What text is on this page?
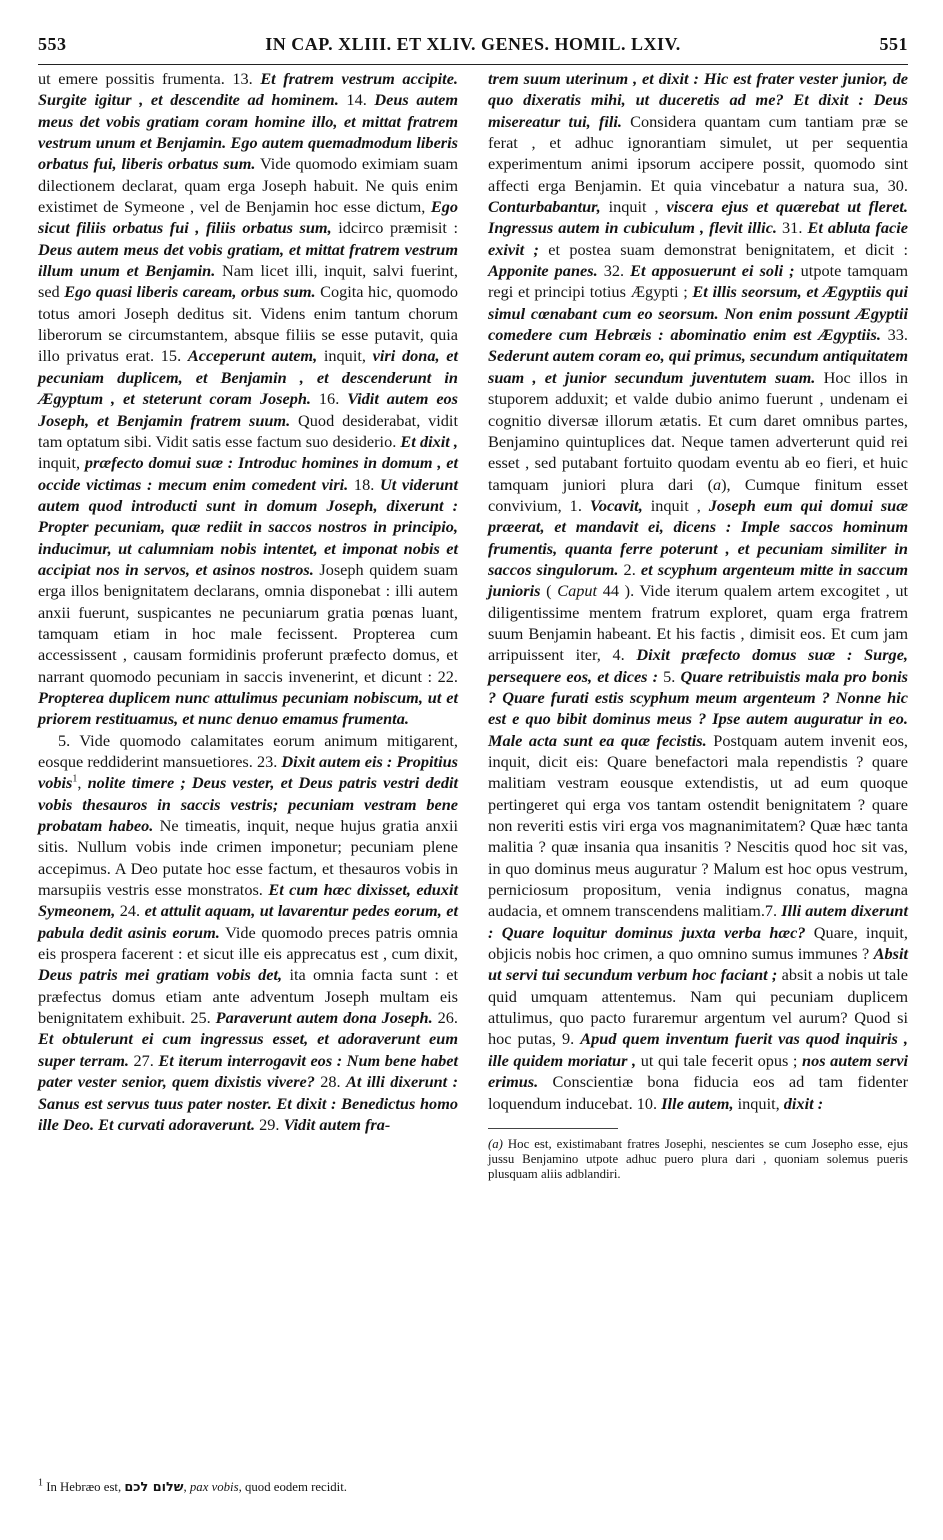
553	IN CAP. XLIII. ET XLIV. GENES. HOMIL. LXIV.	551

ut emere possitis frumenta. 13. Et fratrem vestrum accipite. Surgite igitur , et descendite ad hominem. 14. Deus autem meus det vobis gratiam coram homine illo, et mittat fratrem vestrum unum et Benjamin. Ego autem quemadmodum liberis orbatus fui, liberis orbatus sum. Vide quomodo eximiam suam dilectionem declarat, quam erga Joseph habuit. Ne quis enim existimet de Symeone , vel de Benjamin hoc esse dictum, Ego sicut filiis orbatus fui , filiis orbatus sum, idcirco præmisit : Deus autem meus det vobis gratiam, et mittat fratrem vestrum illum unum et Benjamin. Nam licet illi, inquit, salvi fuerint, sed Ego quasi liberis caream, orbus sum. Cogita hic, quomodo totus amori Joseph deditus sit. Videns enim tantum chorum liberorum se circumstantem, absque filiis se esse putavit, quia illo privatus erat. 15. Acceperunt autem, inquit, viri dona, et pecuniam duplicem, et Benjamin , et descenderunt in Ægyptum , et steterunt coram Joseph. 16. Vidit autem eos Joseph, et Benjamin fratrem suum. Quod desiderabat, vidit tam optatum sibi. Vidit satis esse factum suo desiderio. Et dixit , inquit, præfecto domui suæ : Introduc homines in domum , et occide victimas : mecum enim comedent viri. 18. Ut viderunt autem quod introducti sunt in domum Joseph, dixerunt : Propter pecuniam, quæ rediit in saccos nostros in principio, inducimur, ut calumniam nobis intentet, et imponat nobis et accipiat nos in servos, et asinos nostros. Joseph quidem suam erga illos benignitatem declarans, omnia disponebat : illi autem anxii fuerunt, suspicantes ne pecuniarum gratia pœnas luant, tamquam etiam in hoc male fecissent. Propterea cum accessissent , causam formidinis proferunt præfecto domus, et narrant quomodo pecuniam in saccis invenerint, et dicunt : 22. Propterea duplicem nunc attulimus pecuniam nobiscum, ut et priorem restituamus, et nunc denuo emamus frumenta.

5. Vide quomodo calamitates eorum animum mitigarent, eosque reddiderint mansuetiores. 23. Dixit autem eis : Propitius vobis$^1$, nolite timere ; Deus vester, et Deus patris vestri dedit vobis thesauros in saccis vestris; pecuniam vestram bene probatam habeo. Ne timeatis, inquit, neque hujus gratia anxii sitis. Nullum vobis inde crimen imponetur; pecuniam plene accepimus. A Deo putate hoc esse factum, et thesauros vobis in marsupiis vestris esse monstratos. Et cum hæc dixisset, eduxit Symeonem, 24. et attulit aquam, ut lavarentur pedes eorum, et pabula dedit asinis eorum. Vide quomodo preces patris omnia eis prospera facerent : et sicut ille eis apprecatus est , cum dixit, Deus patris mei gratiam vobis det, ita omnia facta sunt : et præfectus domus etiam ante adventum Joseph multam eis benignitatem exhibuit. 25. Paraverunt autem dona Joseph. 26. Et obtulerunt ei cum ingressus esset, et adoraverunt eum super terram. 27. Et iterum interrogavit eos : Num bene habet pater vester senior, quem dixistis vivere? 28. At illi dixerunt : Sanus est servus tuus pater noster. Et dixit : Benedictus homo ille Deo. Et curvati adoraverunt. 29. Vidit autem fra-

trem suum uterinum , et dixit : Hic est frater vester junior, de quo dixeratis mihi, ut duceretis ad me? Et dixit : Deus misereatur tui, fili. Considera quantam cum tantiam præ se ferat , et adhuc ignorantiam simulet, ut per sequentia experimentum animi ipsorum accipere possit, quomodo sint affecti erga Benjamin. Et quia vincebatur a natura sua, 30. Conturbabantur, inquit , viscera ejus et quærebat ut fleret. Ingressus autem in cubiculum , flevit illic. 31. Et abluta facie exivit ; et postea suam demonstrat benignitatem, et dicit : Apponite panes. 32. Et apposuerunt ei soli ; utpote tamquam regi et principi totius Ægypti ; Et illis seorsum, et Ægyptiis qui simul cœnabant cum eo seorsum. Non enim possunt Ægyptii comedere cum Hebræis : abominatio enim est Ægyptiis. 33. Sederunt autem coram eo, qui primus, secundum antiquitatem suam , et junior secundum juventutem suam. Hoc illos in stuporem adduxit; et valde dubio animo fuerunt , undenam ei cognitio diversæ illorum ætatis. Et cum daret omnibus partes, Benjamino quintuplices dat. Neque tamen adverterunt quid rei esset , sed putabant fortuito quodam eventu ab eo fieri, et huic tamquam juniori plura dari (a), Cumque finitum esset convivium, 1. Vocavit, inquit , Joseph eum qui domui suæ præerat, et mandavit ei, dicens : Imple saccos hominum frumentis, quanta ferre poterunt , et pecuniam similiter in saccos singulorum. 2. et scyphum argenteum mitte in saccum junioris ( Caput 44 ). Vide iterum qualem artem excogitet , ut diligentissime mentem fratrum exploret, quam erga fratrem suum Benjamin habeant. Et his factis , dimisit eos. Et cum jam arripuissent iter, 4. Dixit præfecto domus suæ : Surge, persequere eos, et dices : 5. Quare retribuistis mala pro bonis ? Quare furati estis scyphum meum argenteum ? Nonne hic est e quo bibit dominus meus ? Ipse autem auguratur in eo. Male acta sunt ea quæ fecistis. Postquam autem invenit eos, inquit, dicit eis: Quare benefactori mala rependistis ? quare malitiam vestram eousque extendistis, ut ad eum quoque pertingeret qui erga vos tantam ostendit benignitatem ? quare non reveriti estis viri erga vos magnanimitatem? Quæ hæc tanta malitia ? quæ insania qua insanitis ? Nescitis quod hoc sit vas, in quo dominus meus auguratur ? Malum est hoc opus vestrum, perniciosum propositum, venia indignus conatus, magna audacia, et omnem transcendens malitiam.7. Illi autem dixerunt : Quare loquitur dominus juxta verba hæc? Quare, inquit, objicis nobis hoc crimen, a quo omnino sumus immunes ? Absit ut servi tui secundum verbum hoc faciant ; absit a nobis ut tale quid umquam attentemus. Nam qui pecuniam duplicem attulimus, quo pacto furaremur argentum vel aurum? Quod si hoc putas, 9. Apud quem inventum fuerit vas quod inquiris , ille quidem moriatur , ut qui tale fecerit opus ; nos autem servi erimus. Conscientiæ bona fiducia eos ad tam fidenter loquendum inducebat. 10. Ille autem, inquit, dixit :

(a) Hoc est, existimabant fratres Josephi, nescientes se cum Josepho esse, ejus jussu Benjamino utpote adhuc puero plura dari , quoniam solemus pueris plusquam aliis adblandiri.
$^1$ In Hebræo est, שלום לכם, pax vobis, quod eodem recidit.
